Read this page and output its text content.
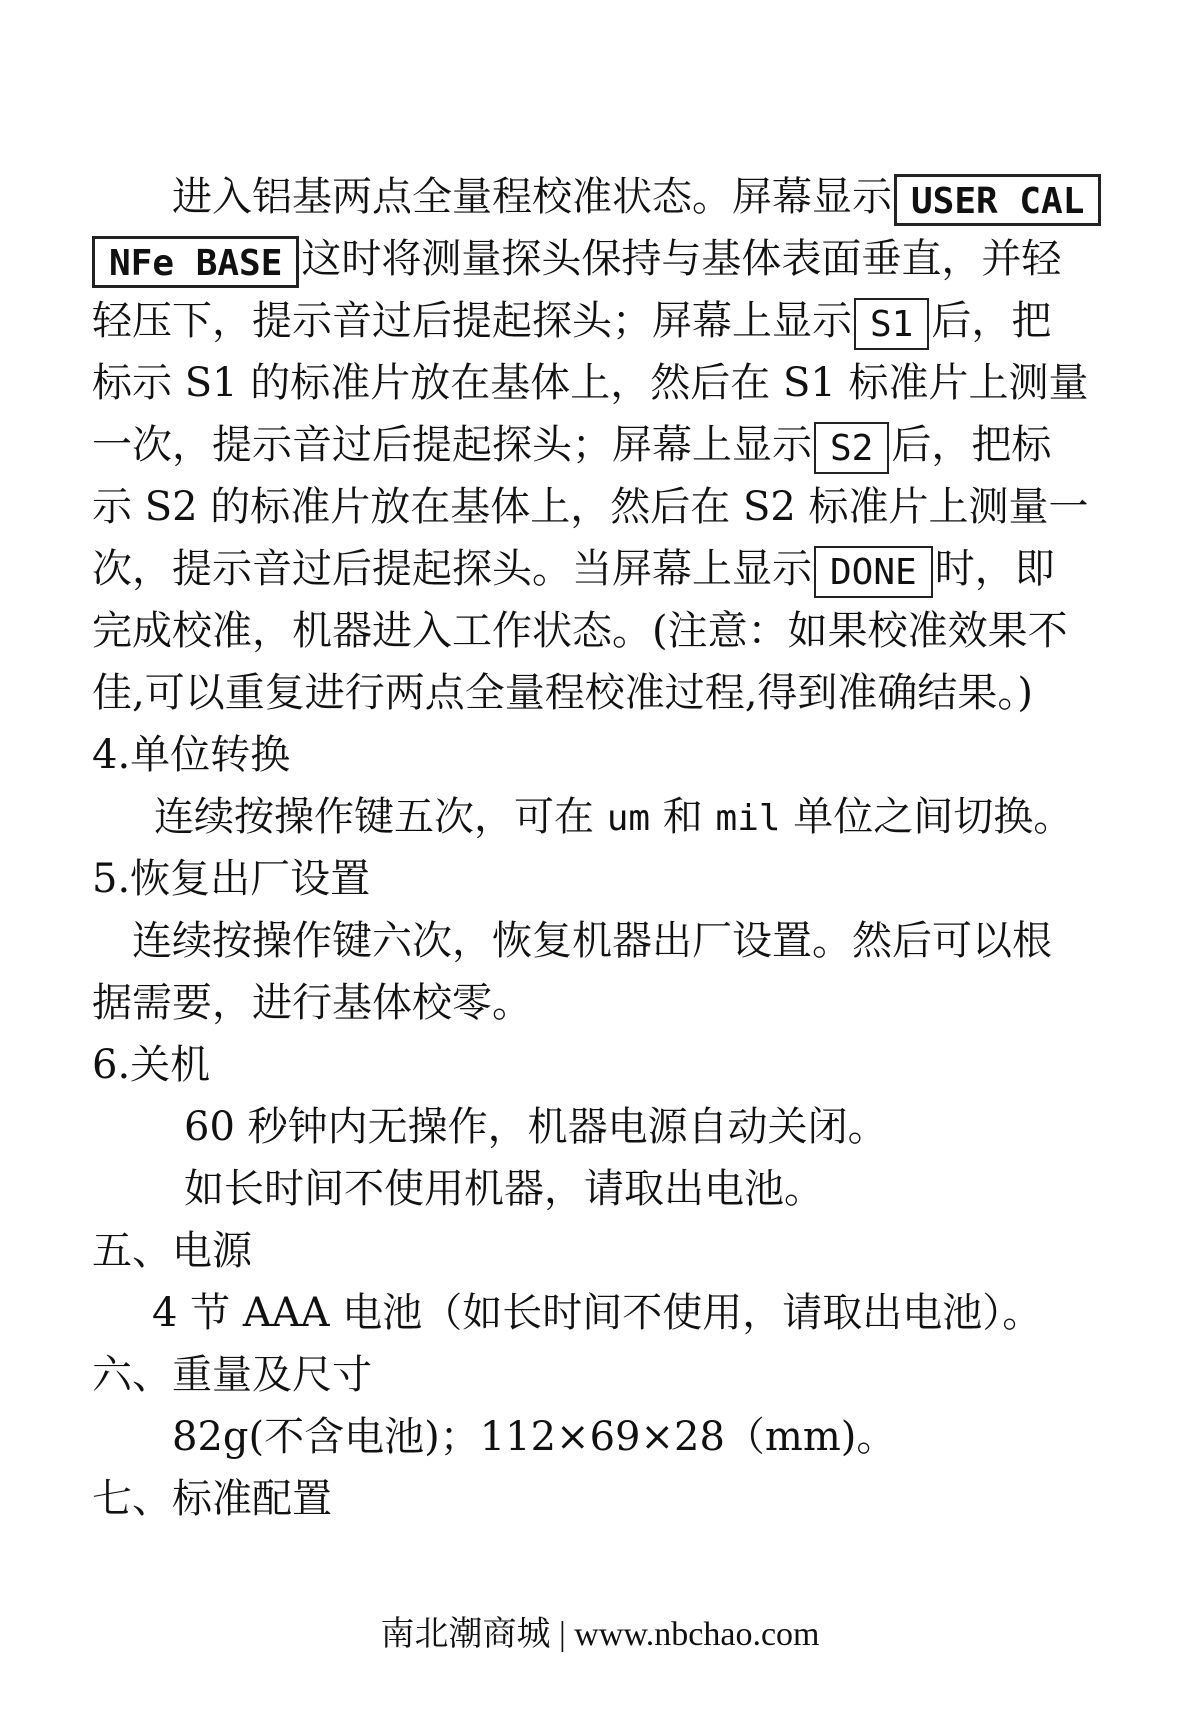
进入铝基两点全量程校准状态。屏幕显示 USER CAL
NFe BASE 这时将测量探头保持与基体表面垂直，并轻
轻压下，提示音过后提起探头；屏幕上显示 S1 后，把
标示 S1 的标准片放在基体上，然后在 S1 标准片上测量
一次，提示音过后提起探头；屏幕上显示 S2 后，把标
示 S2 的标准片放在基体上，然后在 S2 标准片上测量一
次，提示音过后提起探头。当屏幕上显示 DONE 时，即
完成校准，机器进入工作状态。(注意：如果校准效果不
佳,可以重复进行两点全量程校准过程,得到准确结果。)
4.单位转换
连续按操作键五次，可在 um 和 mil 单位之间切换。
5.恢复出厂设置
连续按操作键六次，恢复机器出厂设置。然后可以根
据需要，进行基体校零。
6.关机
60 秒钟内无操作，机器电源自动关闭。
如长时间不使用机器，请取出电池。
五、电源
4 节 AAA 电池（如长时间不使用，请取出电池）。
六、重量及尺寸
82g(不含电池)；112×69×28（mm)。
七、标准配置
南北潮商城 | www.nbchao.com
